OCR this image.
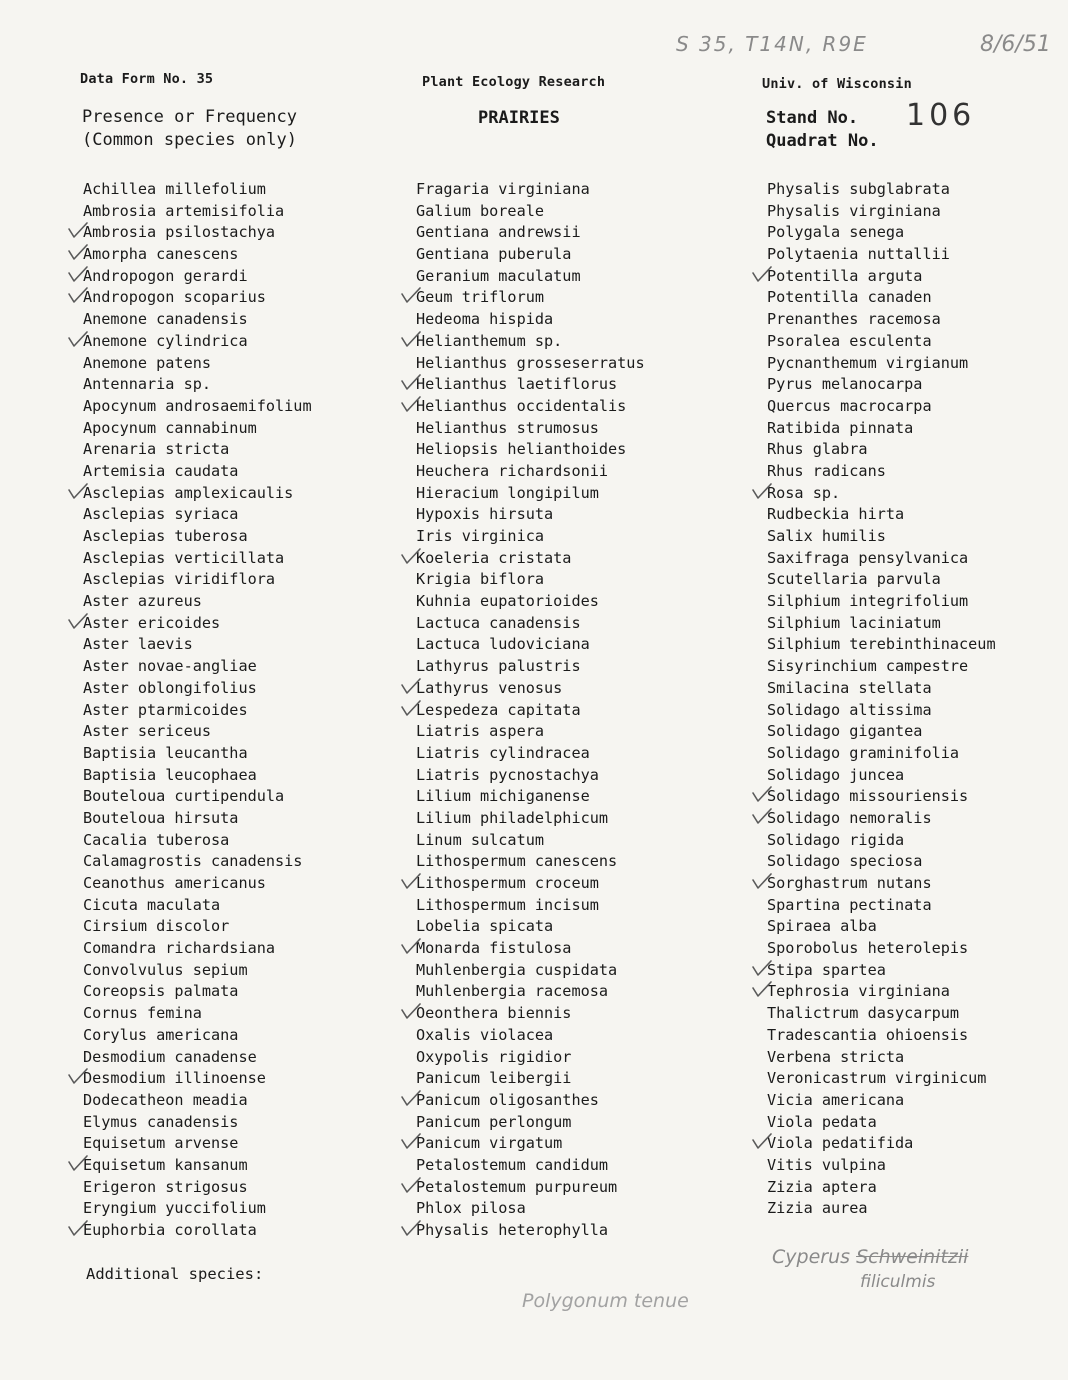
S 35, T14N, R9E	8/6/51
Data Form No. 35	Plant Ecology Research	Univ. of Wisconsin
Presence or Frequency
(Common species only)
PRAIRIES	Stand No.
Quadrat No.
106
Achillea millefolium
Ambrosia artemisifolia
Ambrosia psilostachya
Amorpha canescens
Andropogon gerardi
Andropogon scoparius
Anemone canadensis
Anemone cylindrica
Anemone patens
Antennaria sp.
Apocynum androsaemifolium
Apocynum cannabinum
Arenaria stricta
Artemisia caudata
Asclepias amplexicaulis
Asclepias syriaca
Asclepias tuberosa
Asclepias verticillata
Asclepias viridiflora
Aster azureus
Aster ericoides
Aster laevis
Aster novae-angliae
Aster oblongifolius
Aster ptarmicoides
Aster sericeus
Baptisia leucantha
Baptisia leucophaea
Bouteloua curtipendula
Bouteloua hirsuta
Cacalia tuberosa
Calamagrostis canadensis
Ceanothus americanus
Cicuta maculata
Cirsium discolor
Comandra richardsiana
Convolvulus sepium
Coreopsis palmata
Cornus femina
Corylus americana
Desmodium canadense
Desmodium illinoense
Dodecatheon meadia
Elymus canadensis
Equisetum arvense
Equisetum kansanum
Erigeron strigosus
Eryngium yuccifolium
Euphorbia corollata
Fragaria virginiana
Galium boreale
Gentiana andrewsii
Gentiana puberula
Geranium maculatum
Geum triflorum
Hedeoma hispida
Helianthemum sp.
Helianthus grosseserratus
Helianthus laetiflorus
Helianthus occidentalis
Helianthus strumosus
Heliopsis helianthoides
Heuchera richardsonii
Hieracium longipilum
Hypoxis hirsuta
Iris virginica
Koeleria cristata
Krigia biflora
Kuhnia eupatorioides
Lactuca canadensis
Lactuca ludoviciana
Lathyrus palustris
Lathyrus venosus
Lespedeza capitata
Liatris aspera
Liatris cylindracea
Liatris pycnostachya
Lilium michiganense
Lilium philadelphicum
Linum sulcatum
Lithospermum canescens
Lithospermum croceum
Lithospermum incisum
Lobelia spicata
Monarda fistulosa
Muhlenbergia cuspidata
Muhlenbergia racemosa
Oeonthera biennis
Oxalis violacea
Oxypolis rigidior
Panicum leibergii
Panicum oligosanthes
Panicum perlongum
Panicum virgatum
Petalostemum candidum
Petalostemum purpureum
Phlox pilosa
Physalis heterophylla
Physalis subglabrata
Physalis virginiana
Polygala senega
Polytaenia nuttallii
Potentilla arguta
Potentilla canaden
Prenanthes racemosa
Psoralea esculenta
Pycnanthemum virgianum
Pyrus melanocarpa
Quercus macrocarpa
Ratibida pinnata
Rhus glabra
Rhus radicans
Rosa sp.
Rudbeckia hirta
Salix humilis
Saxifraga pensylvanica
Scutellaria parvula
Silphium integrifolium
Silphium laciniatum
Silphium terebinthinaceum
Sisyrinchium campestre
Smilacina stellata
Solidago altissima
Solidago gigantea
Solidago graminifolia
Solidago juncea
Solidago missouriensis
Solidago nemoralis
Solidago rigida
Solidago speciosa
Sorghastrum nutans
Spartina pectinata
Spiraea alba
Sporobolus heterolepis
Stipa spartea
Tephrosia virginiana
Thalictrum dasycarpum
Tradescantia ohioensis
Verbena stricta
Veronicastrum virginicum
Vicia americana
Viola pedata
Viola pedatifida
Vitis vulpina
Zizia aptera
Zizia aurea
Cyperus Schweinitzii
filiculmis
Additional species:
Polygonum tenue
